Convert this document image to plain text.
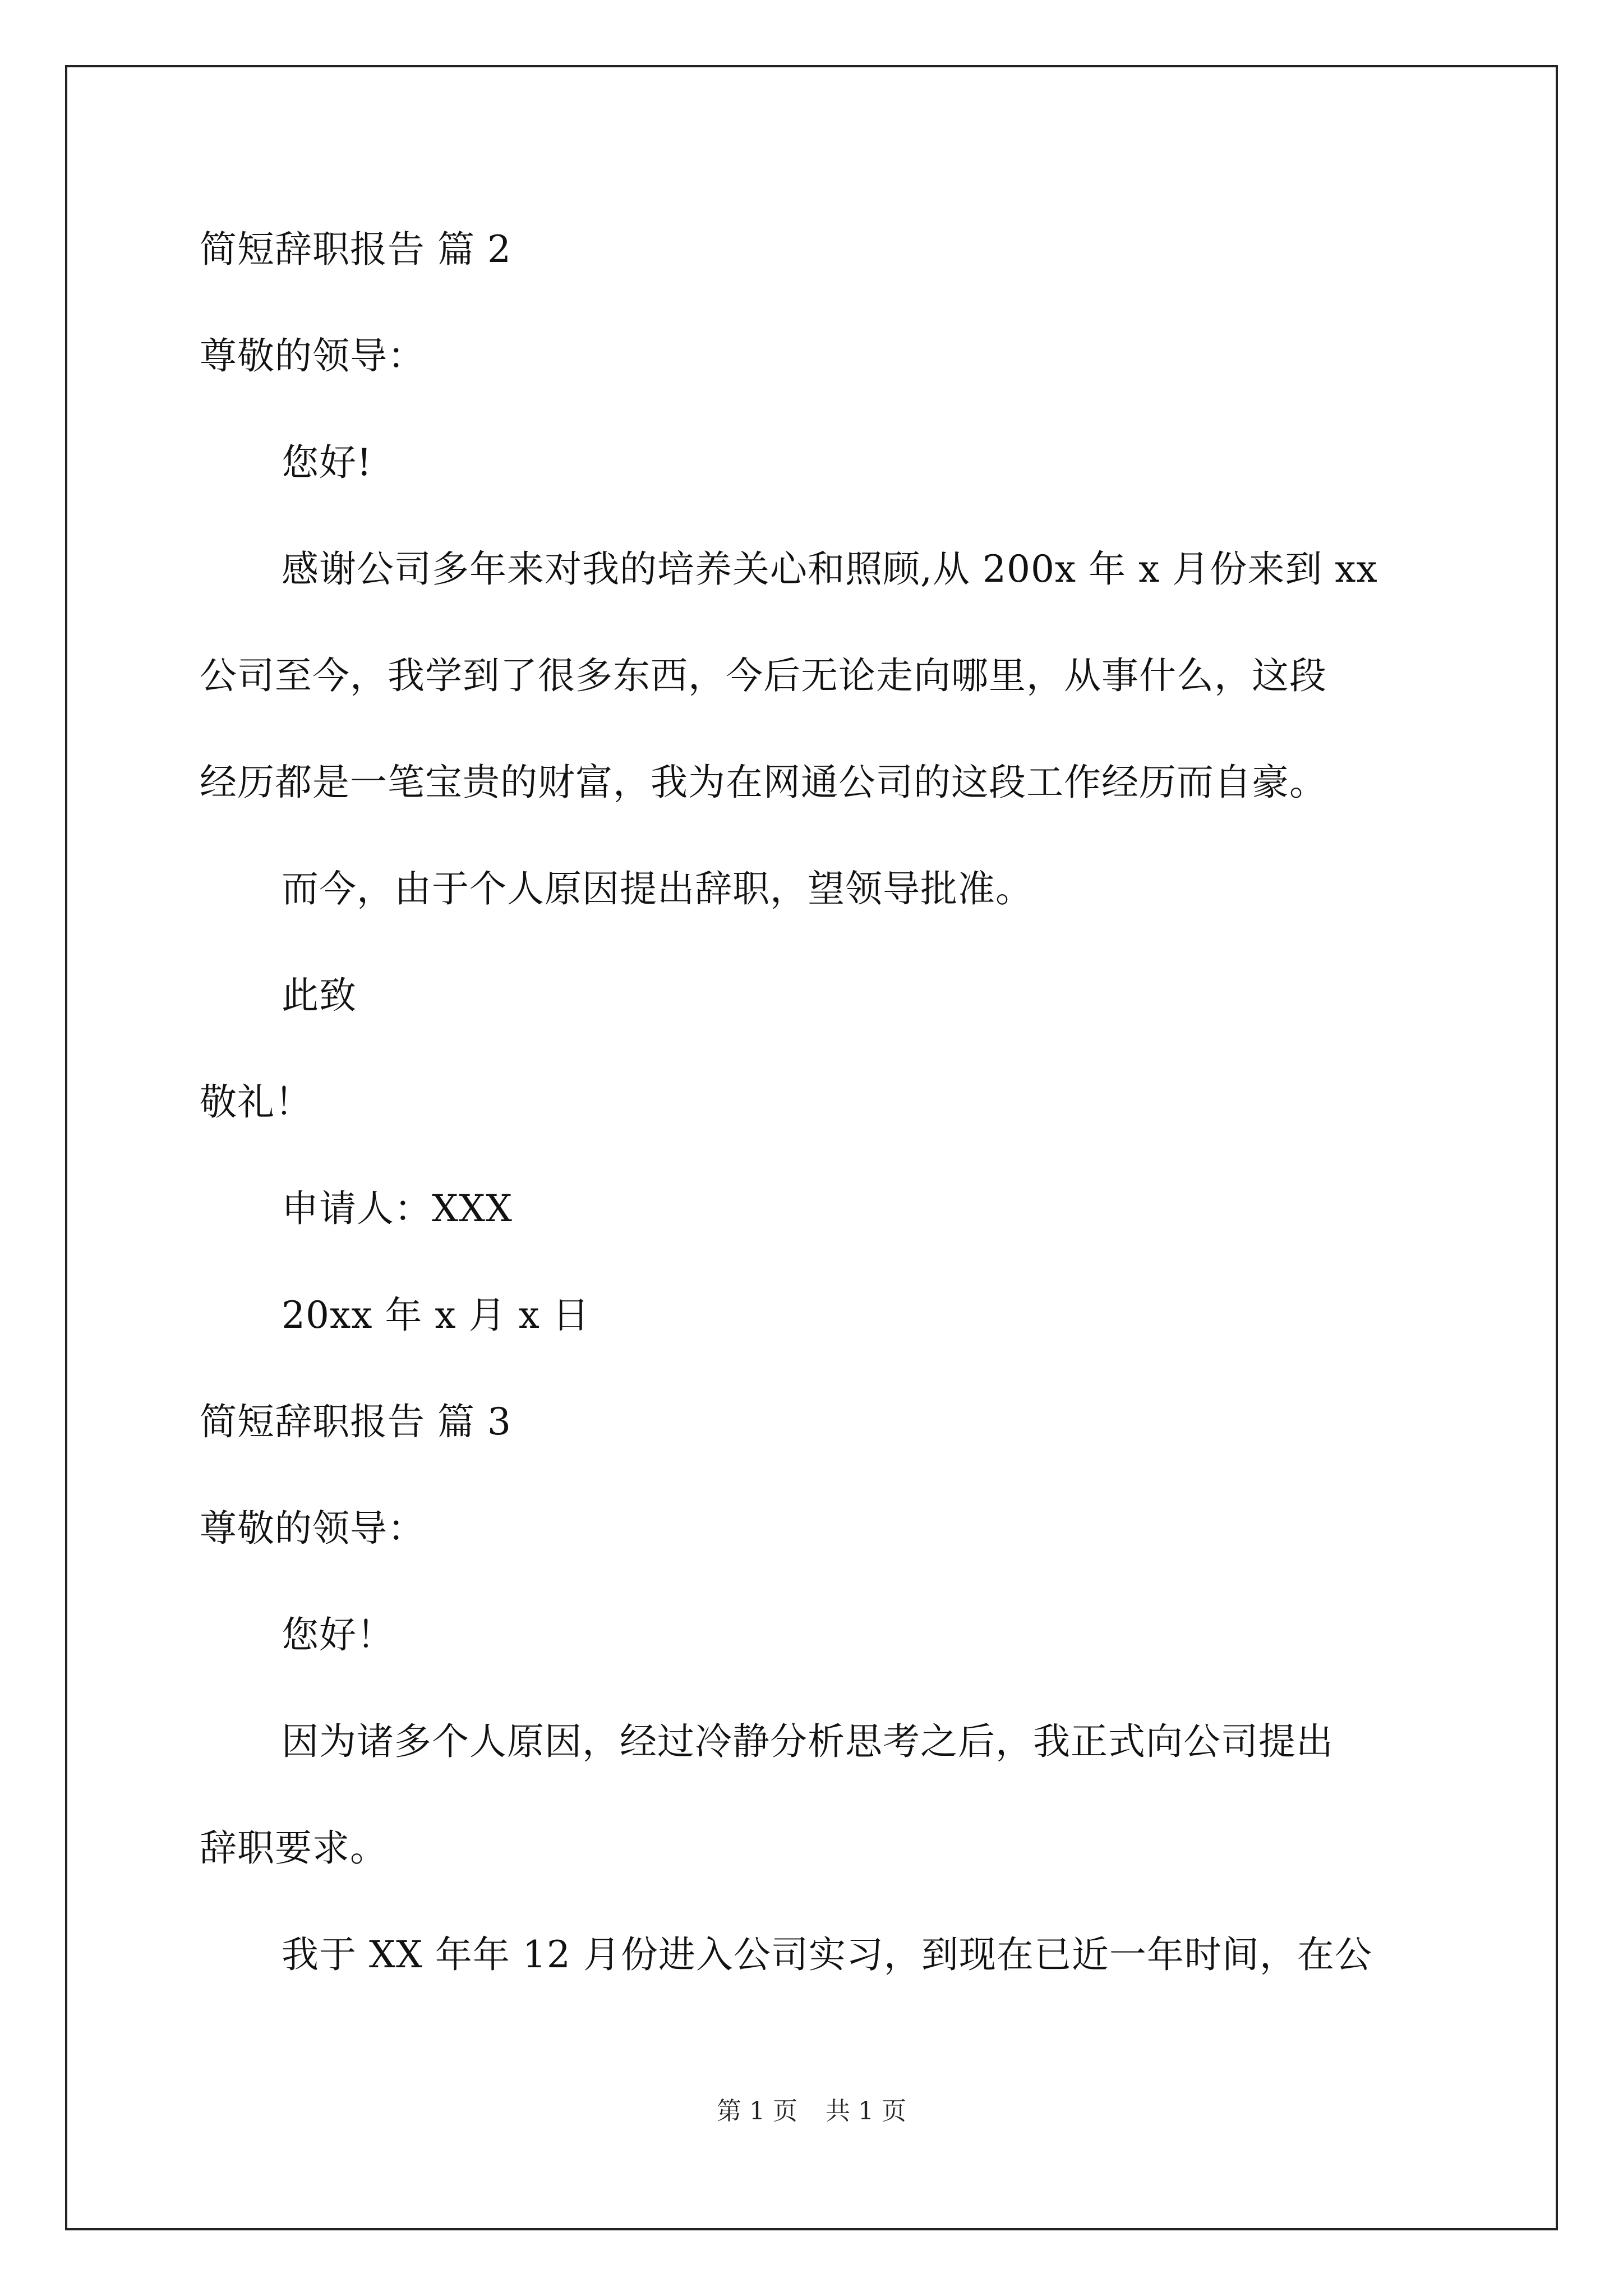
简短辞职报告 篇 2
尊敬的领导：
您好!
感谢公司多年来对我的培养关心和照顾,从 200x 年 x 月份来到 xx
公司至今，我学到了很多东西，今后无论走向哪里，从事什么，这段
经历都是一笔宝贵的财富，我为在网通公司的这段工作经历而自豪。
而今，由于个人原因提出辞职，望领导批准。
此致
敬礼！
申请人：XXX
20xx 年 x 月 x 日
简短辞职报告 篇 3
尊敬的领导：
您好！
因为诸多个人原因，经过冷静分析思考之后，我正式向公司提出
辞职要求。
我于 XX 年年 12 月份进入公司实习，到现在已近一年时间，在公
第 1 页 共 1 页
